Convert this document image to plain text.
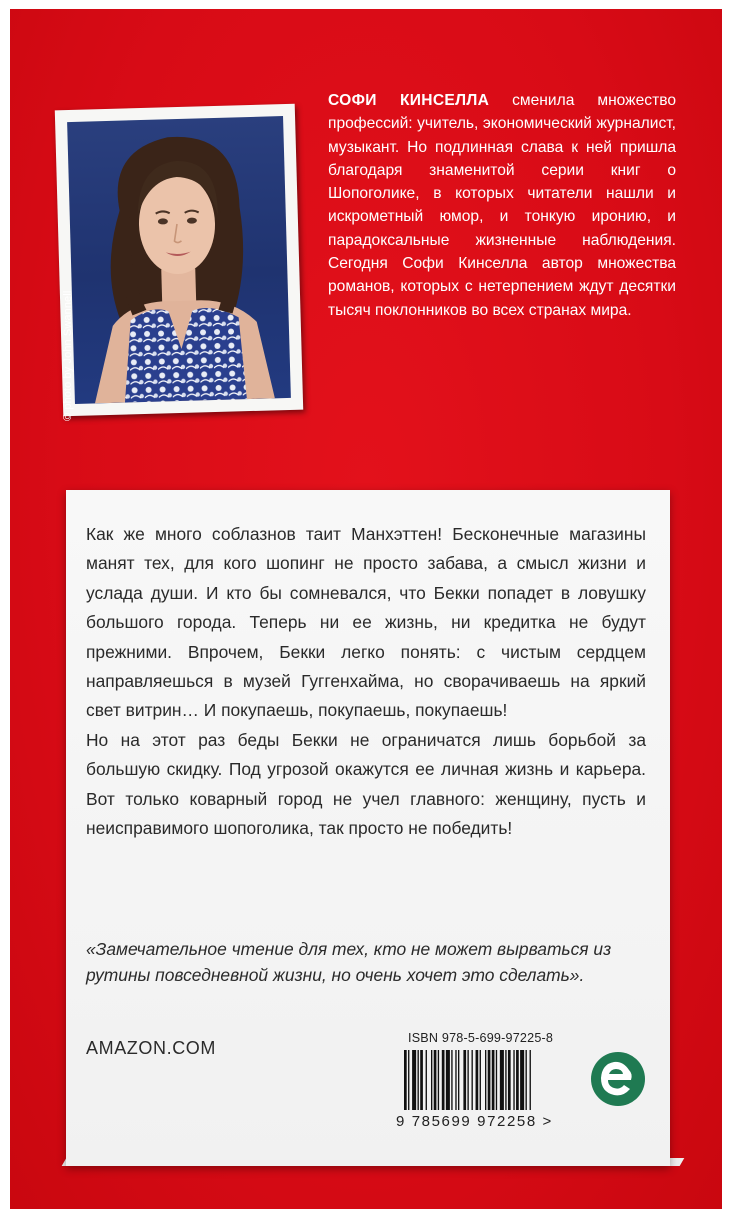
© photo by John Swannell
СОФИ КИНСЕЛЛА сменила множество профессий: учитель, экономический журналист, музыкант. Но подлинная слава к ней пришла благодаря знаменитой серии книг о Шопоголике, в которых читатели нашли и искрометный юмор, и тонкую иронию, и парадоксальные жизненные наблюдения. Сегодня Софи Кинселла автор множества романов, которых с нетерпением ждут десятки тысяч поклонников во всех странах мира.

Как же много соблазнов таит Манхэттен! Бесконечные магазины манят тех, для кого шопинг не просто забава, а смысл жизни и услада души. И кто бы сомневался, что Бекки попадет в ловушку большого города. Теперь ни ее жизнь, ни кредитка не будут прежними. Впрочем, Бекки легко понять: с чистым сердцем направляешься в музей Гуггенхайма, но сворачиваешь на яркий свет витрин… И покупаешь, покупаешь, покупаешь!

Но на этот раз беды Бекки не ограничатся лишь борьбой за большую скидку. Под угрозой окажутся ее личная жизнь и карьера. Вот только коварный город не учел главного: женщину, пусть и неисправимого шопоголика, так просто не победить!

«Замечательное чтение для тех, кто не может вырваться из рутины повседневной жизни, но очень хочет это сделать».
AMAZON.COM	ISBN 978-5-699-97225-8
9 785699 972258 >
